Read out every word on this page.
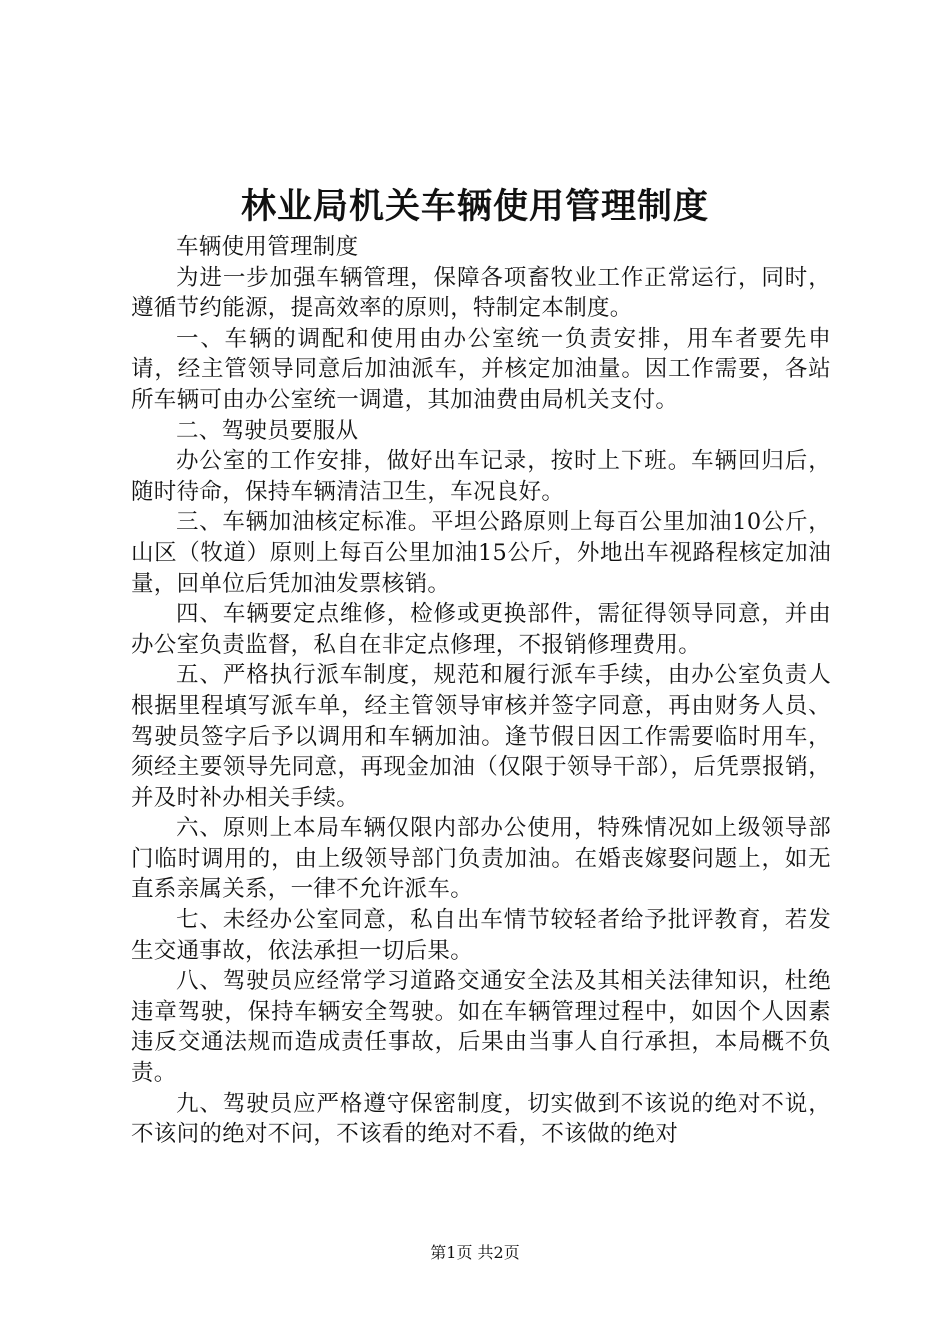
林业局机关车辆使用管理制度

车辆使用管理制度

为进一步加强车辆管理，保障各项畜牧业工作正常运行，同时，遵循节约能源，提高效率的原则，特制定本制度。

一、车辆的调配和使用由办公室统一负责安排，用车者要先申请，经主管领导同意后加油派车，并核定加油量。因工作需要，各站所车辆可由办公室统一调遣，其加油费由局机关支付。

二、驾驶员要服从

办公室的工作安排，做好出车记录，按时上下班。车辆回归后，随时待命，保持车辆清洁卫生，车况良好。

三、车辆加油核定标准。平坦公路原则上每百公里加油10公斤，山区（牧道）原则上每百公里加油15公斤，外地出车视路程核定加油量，回单位后凭加油发票核销。

四、车辆要定点维修，检修或更换部件，需征得领导同意，并由办公室负责监督，私自在非定点修理，不报销修理费用。

五、严格执行派车制度，规范和履行派车手续，由办公室负责人根据里程填写派车单，经主管领导审核并签字同意，再由财务人员、驾驶员签字后予以调用和车辆加油。逢节假日因工作需要临时用车，须经主要领导先同意，再现金加油（仅限于领导干部），后凭票报销，并及时补办相关手续。

六、原则上本局车辆仅限内部办公使用，特殊情况如上级领导部门临时调用的，由上级领导部门负责加油。在婚丧嫁娶问题上，如无直系亲属关系，一律不允许派车。

七、未经办公室同意，私自出车情节较轻者给予批评教育，若发生交通事故，依法承担一切后果。

八、驾驶员应经常学习道路交通安全法及其相关法律知识，杜绝违章驾驶，保持车辆安全驾驶。如在车辆管理过程中，如因个人因素违反交通法规而造成责任事故，后果由当事人自行承担，本局概不负责。

九、驾驶员应严格遵守保密制度，切实做到不该说的绝对不说，不该问的绝对不问，不该看的绝对不看，不该做的绝对

第1页 共2页
